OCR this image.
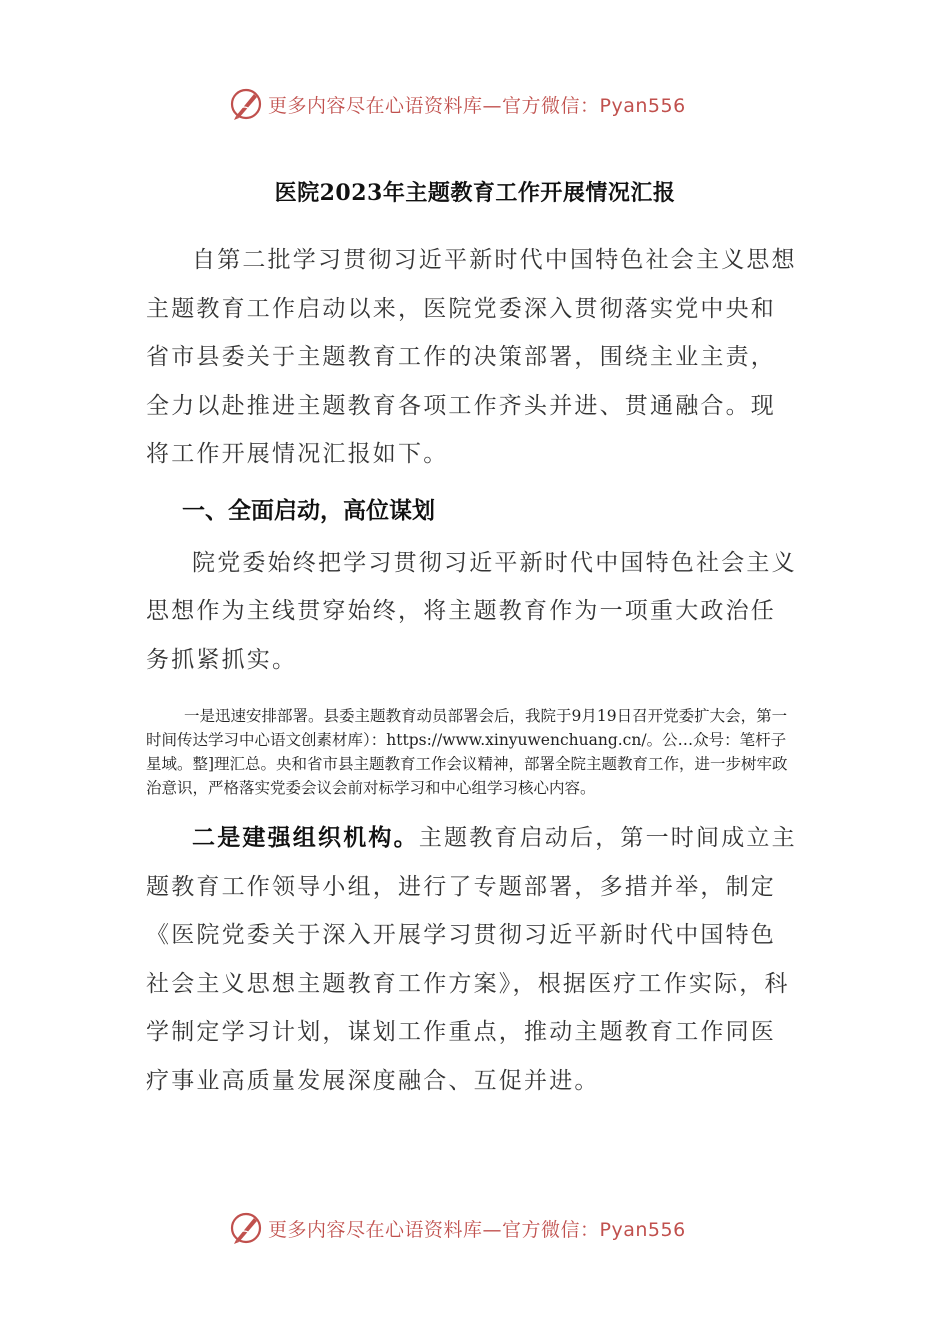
更多内容尽在心语资料库—官方微信：Pyan556
医院2023年主题教育工作开展情况汇报

自第二批学习贯彻习近平新时代中国特色社会主义思想主题教育工作启动以来，医院党委深入贯彻落实党中央和省市县委关于主题教育工作的决策部署，围绕主业主责，全力以赴推进主题教育各项工作齐头并进、贯通融合。现将工作开展情况汇报如下。

一、全面启动，高位谋划

院党委始终把学习贯彻习近平新时代中国特色社会主义思想作为主线贯穿始终，将主题教育作为一项重大政治任务抓紧抓实。

一是迅速安排部署。县委主题教育动员部署会后，我院于9月19日召开党委扩大会，第一时间传达学习中心语文创素材库）：https://www.xinyuwenchuang.cn/。公…众号：笔杆子星域。整]理汇总。央和省市县主题教育工作会议精神，部署全院主题教育工作，进一步树牢政治意识，严格落实党委会议会前对标学习和中心组学习核心内容。

二是建强组织机构。主题教育启动后，第一时间成立主题教育工作领导小组，进行了专题部署，多措并举，制定《医院党委关于深入开展学习贯彻习近平新时代中国特色社会主义思想主题教育工作方案》，根据医疗工作实际，科学制定学习计划，谋划工作重点，推动主题教育工作同医疗事业高质量发展深度融合、互促并进。

更多内容尽在心语资料库—官方微信：Pyan556
